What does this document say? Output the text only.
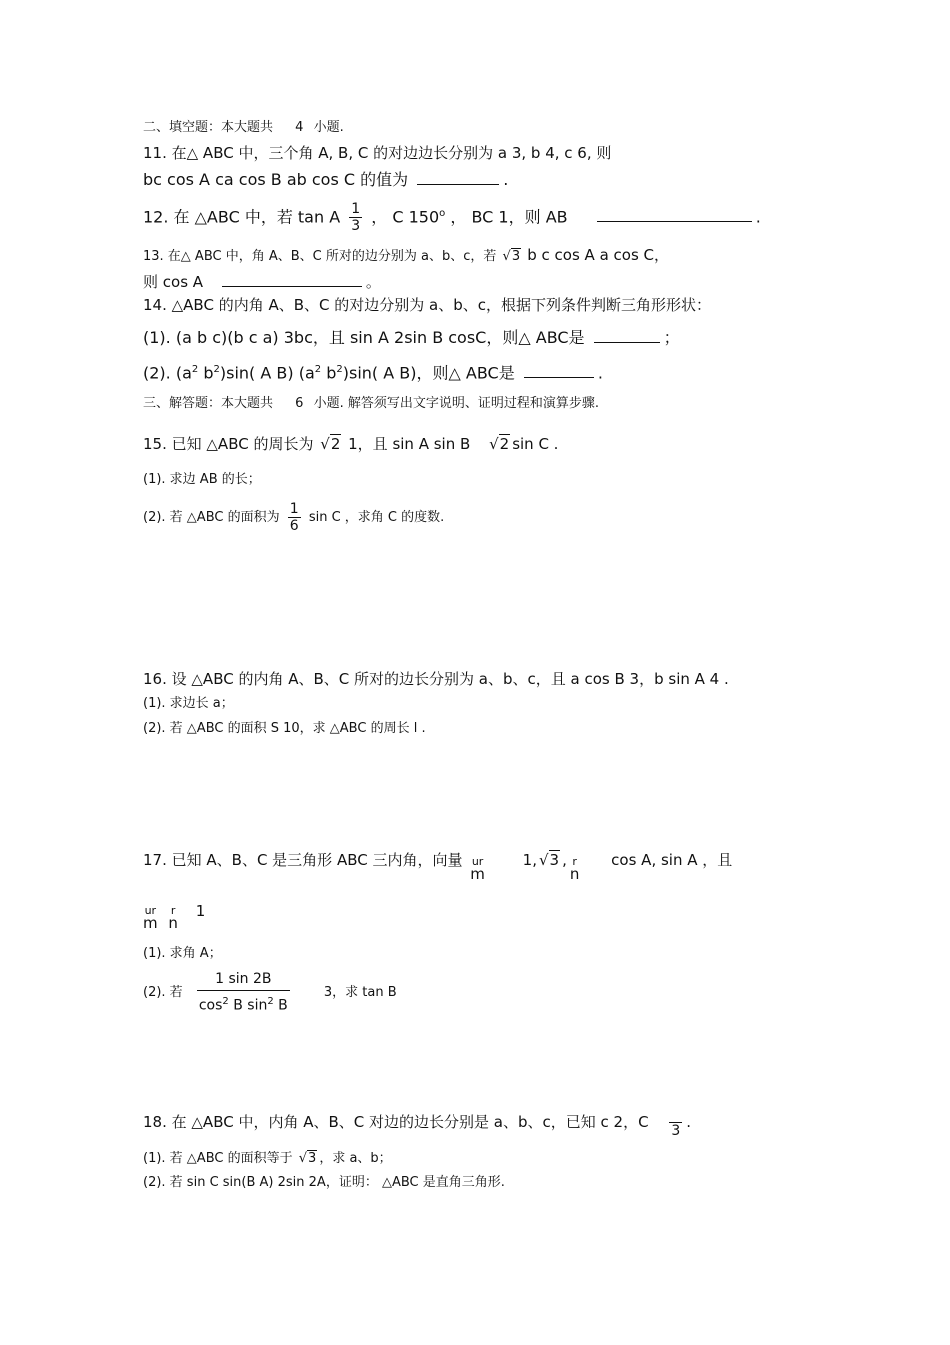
二、填空题：本大题共 4 小题.
11. 在△ ABC 中，三个角 A, B, C 的对边边长分别为 a 3, b 4, c 6, 则
bc cos A ca cos B ab cos C 的值为	.
12. 在 △ABC 中，若 tan A $\frac{1}{3}$ ， C 150$^o$ ， BC 1，则 AB	.
13. 在△ ABC 中，角 A、B、C 所对的边分别为 a、b、c，若 √3 b c cos A a cos C，
则 cos A	。
14. △ABC 的内角 A、B、C 的对边分别为 a、b、c，根据下列条件判断三角形形状：
(1). (a b c)(b c a) 3bc，且 sin A 2sin B cosC，则△ ABC是	；
(2). ($a^2$ $b^2)\sin$( A B) ($a^2$ $b^2)\sin$( A B)，则△ ABC是	.
三、解答题：本大题共 6 小题. 解答须写出文字说明、证明过程和演算步骤.
15. 已知 △ABC 的周长为 √2 1，且 sin A sin B √2 sin C .
(1). 求边 AB 的长；
(2). 若 △ABC 的面积为 $\frac{1}{6}$ sin C ，求角 C 的度数.
16. 设 △ABC 的内角 A、B、C 所对的边长分别为 a、b、c，且 a cos B 3，b sin A 4 .
(1). 求边长 a；
(2). 若 △ABC 的面积 S 10，求 △ABC 的周长 l .
17. 已知 A、B、C 是三角形 ABC 三内角，向量 ur
m 1, √3 , r
n cos A, sin A ，且
ur
m
r
n 1
(1). 求角 A；
(2). 若 $\frac{1 \sin 2B}{\cos^2 B \sin^2 B}$	3，求 tan B
18. 在 △ABC 中，内角 A、B、C 对边的边长分别是 a、b、c，已知 c 2，C 3 .
(1). 若 △ABC 的面积等于 √3 ，求 a、b；
(2). 若 sin C sin(B A) 2sin 2A，证明： △ABC 是直角三角形.
